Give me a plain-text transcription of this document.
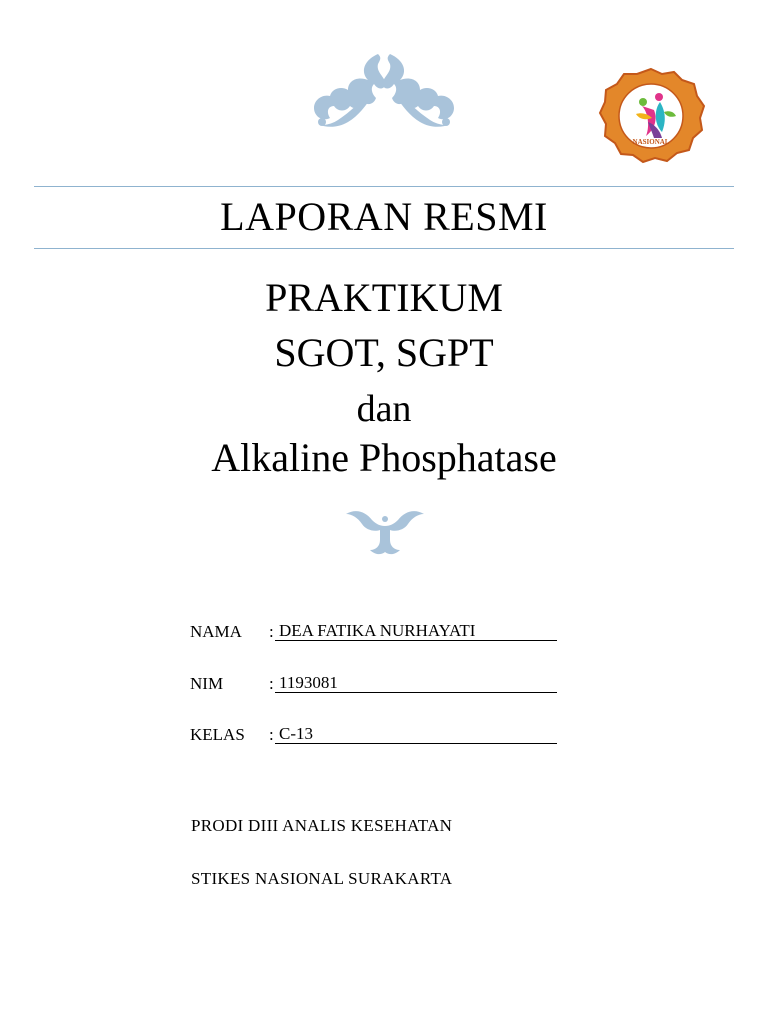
NASIONAL
LAPORAN RESMI
PRAKTIKUM
SGOT, SGPT
dan
Alkaline Phosphatase
NAMA : DEA FATIKA NURHAYATI
NIM	: 1193081
KELAS : C-13
PRODI DIII ANALIS KESEHATAN
STIKES NASIONAL SURAKARTA
